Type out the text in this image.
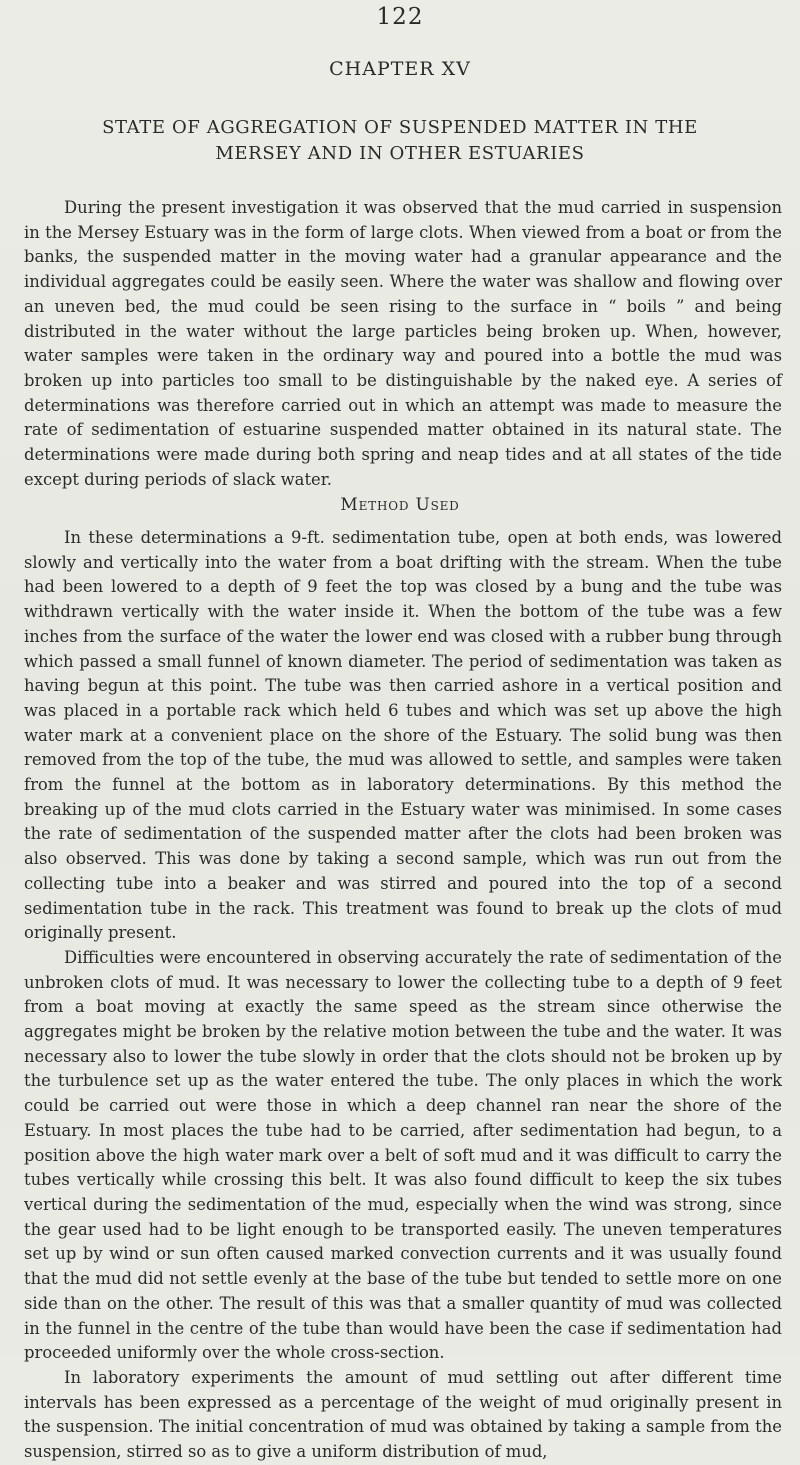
122
CHAPTER XV
STATE OF AGGREGATION OF SUSPENDED MATTER IN THE
MERSEY AND IN OTHER ESTUARIES

During the present investigation it was observed that the mud carried in suspension in the Mersey Estuary was in the form of large clots. When viewed from a boat or from the banks, the suspended matter in the moving water had a granular appearance and the individual aggregates could be easily seen. Where the water was shallow and flowing over an uneven bed, the mud could be seen rising to the surface in “ boils ” and being distributed in the water without the large particles being broken up. When, however, water samples were taken in the ordinary way and poured into a bottle the mud was broken up into particles too small to be distinguishable by the naked eye. A series of determinations was therefore carried out in which an attempt was made to measure the rate of sedimentation of estuarine suspended matter obtained in its natural state. The determinations were made during both spring and neap tides and at all states of the tide except during periods of slack water.

Method Used

In these determinations a 9-ft. sedimentation tube, open at both ends, was lowered slowly and vertically into the water from a boat drifting with the stream. When the tube had been lowered to a depth of 9 feet the top was closed by a bung and the tube was withdrawn vertically with the water inside it. When the bottom of the tube was a few inches from the surface of the water the lower end was closed with a rubber bung through which passed a small funnel of known diameter. The period of sedimentation was taken as having begun at this point. The tube was then carried ashore in a vertical position and was placed in a portable rack which held 6 tubes and which was set up above the high water mark at a convenient place on the shore of the Estuary. The solid bung was then removed from the top of the tube, the mud was allowed to settle, and samples were taken from the funnel at the bottom as in laboratory determinations. By this method the breaking up of the mud clots carried in the Estuary water was minimised. In some cases the rate of sedimentation of the suspended matter after the clots had been broken was also observed. This was done by taking a second sample, which was run out from the collecting tube into a beaker and was stirred and poured into the top of a second sedimentation tube in the rack. This treatment was found to break up the clots of mud originally present.

Difficulties were encountered in observing accurately the rate of sedimentation of the unbroken clots of mud. It was necessary to lower the collecting tube to a depth of 9 feet from a boat moving at exactly the same speed as the stream since otherwise the aggregates might be broken by the relative motion between the tube and the water. It was necessary also to lower the tube slowly in order that the clots should not be broken up by the turbulence set up as the water entered the tube. The only places in which the work could be carried out were those in which a deep channel ran near the shore of the Estuary. In most places the tube had to be carried, after sedimentation had begun, to a position above the high water mark over a belt of soft mud and it was difficult to carry the tubes vertically while crossing this belt. It was also found difficult to keep the six tubes vertical during the sedimentation of the mud, especially when the wind was strong, since the gear used had to be light enough to be transported easily. The uneven temperatures set up by wind or sun often caused marked convection currents and it was usually found that the mud did not settle evenly at the base of the tube but tended to settle more on one side than on the other. The result of this was that a smaller quantity of mud was collected in the funnel in the centre of the tube than would have been the case if sedimentation had proceeded uniformly over the whole cross-section.

In laboratory experiments the amount of mud settling out after different time intervals has been expressed as a percentage of the weight of mud originally present in the suspension. The initial concentration of mud was obtained by taking a sample from the suspension, stirred so as to give a uniform distribution of mud,
